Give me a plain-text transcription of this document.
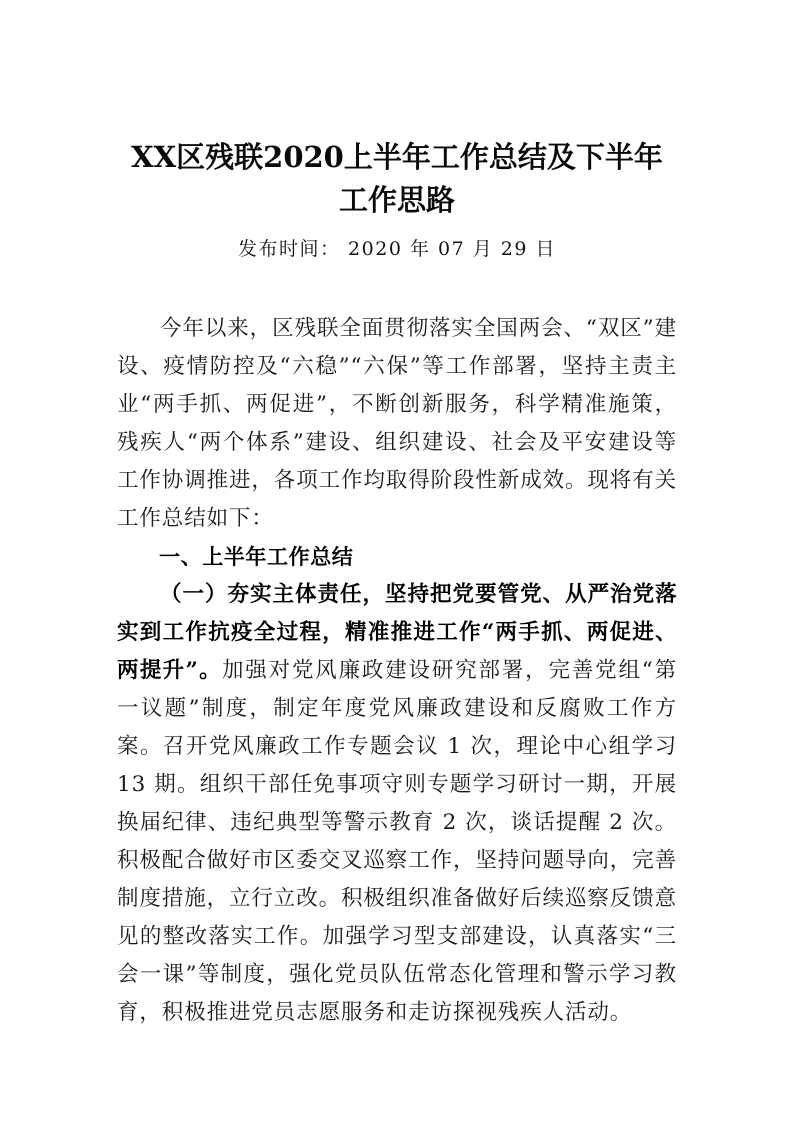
XX区残联2020上半年工作总结及下半年工作思路

发布时间： 2020 年 07 月 29 日

今年以来，区残联全面贯彻落实全国两会、“双区”建设、疫情防控及“六稳”“六保”等工作部署，坚持主责主业“两手抓、两促进”，不断创新服务，科学精准施策，残疾人“两个体系”建设、组织建设、社会及平安建设等工作协调推进，各项工作均取得阶段性新成效。现将有关工作总结如下：

一、上半年工作总结

（一）夯实主体责任，坚持把党要管党、从严治党落实到工作抗疫全过程，精准推进工作“两手抓、两促进、两提升”。加强对党风廉政建设研究部署，完善党组“第一议题”制度，制定年度党风廉政建设和反腐败工作方案。召开党风廉政工作专题会议 1 次，理论中心组学习 13 期。组织干部任免事项守则专题学习研讨一期，开展换届纪律、违纪典型等警示教育 2 次，谈话提醒 2 次。积极配合做好市区委交叉巡察工作，坚持问题导向，完善制度措施，立行立改。积极组织准备做好后续巡察反馈意见的整改落实工作。加强学习型支部建设，认真落实“三会一课”等制度，强化党员队伍常态化管理和警示学习教育，积极推进党员志愿服务和走访探视残疾人活动。
